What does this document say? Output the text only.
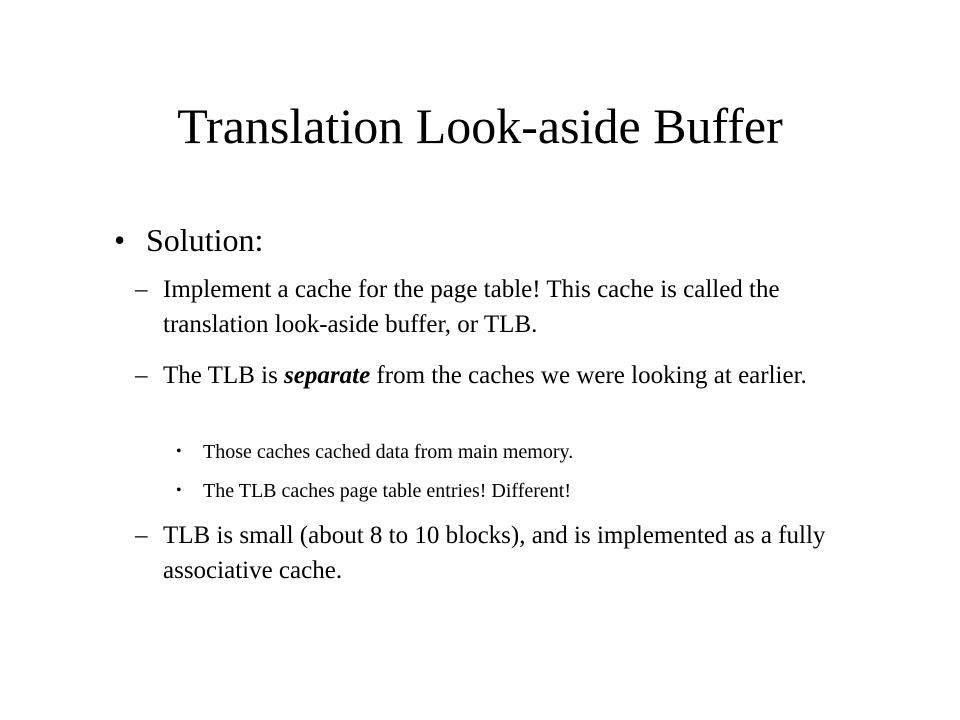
Translation Look-aside Buffer
• Solution:
– Implement a cache for the page table! This cache is called the translation look-aside buffer, or TLB.
– The TLB is separate from the caches we were looking at earlier.
•	Those caches cached data from main memory.
•	The TLB caches page table entries! Different!
– TLB is small (about 8 to 10 blocks), and is implemented as a fully associative cache.
